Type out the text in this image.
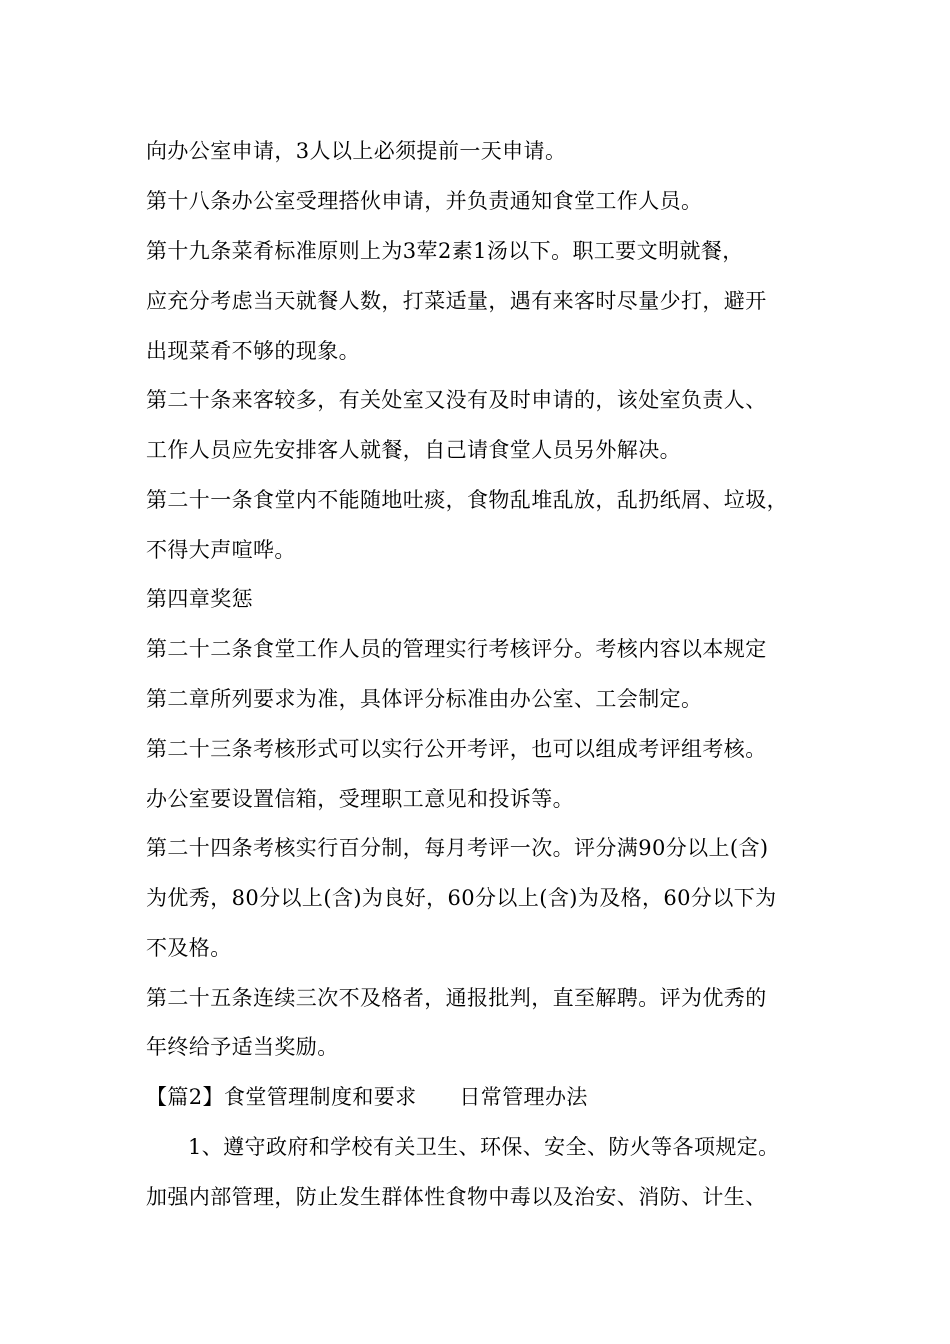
向办公室申请，3人以上必须提前一天申请。
第十八条办公室受理搭伙申请，并负责通知食堂工作人员。
第十九条菜肴标准原则上为3荤2素1汤以下。职工要文明就餐，
应充分考虑当天就餐人数，打菜适量，遇有来客时尽量少打，避开
出现菜肴不够的现象。
第二十条来客较多，有关处室又没有及时申请的，该处室负责人、
工作人员应先安排客人就餐，自己请食堂人员另外解决。
第二十一条食堂内不能随地吐痰，食物乱堆乱放，乱扔纸屑、垃圾，
不得大声喧哗。
第四章奖惩
第二十二条食堂工作人员的管理实行考核评分。考核内容以本规定
第二章所列要求为准，具体评分标准由办公室、工会制定。
第二十三条考核形式可以实行公开考评，也可以组成考评组考核。
办公室要设置信箱，受理职工意见和投诉等。
第二十四条考核实行百分制，每月考评一次。评分满90分以上(含)
为优秀，80分以上(含)为良好，60分以上(含)为及格，60分以下为
不及格。
第二十五条连续三次不及格者，通报批判，直至解聘。评为优秀的
年终给予适当奖励。
【篇2】食堂管理制度和要求　　日常管理办法
1、遵守政府和学校有关卫生、环保、安全、防火等各项规定。
加强内部管理，防止发生群体性食物中毒以及治安、消防、计生、
